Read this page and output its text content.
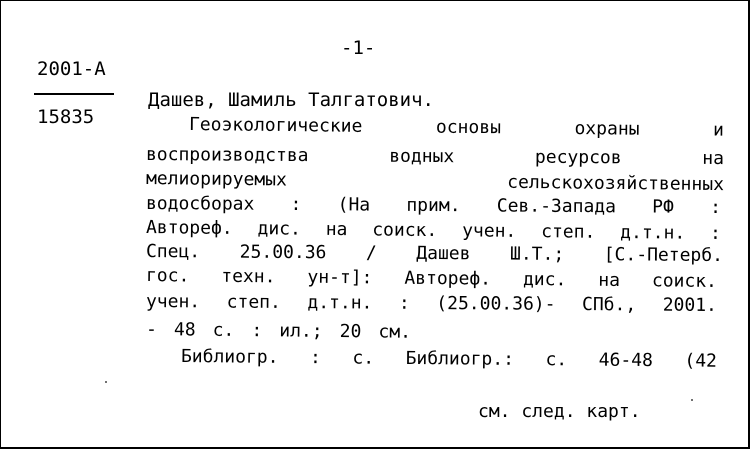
-1-
2001-A
15835
Дашев, Шамиль Талгатович.
Геоэкологические	основы	охраны	и
воспроизводства	водных	ресурсов	на
мелиорируемых	сельскохозяйственных
водосборах : (На прим. Сев.-Запада РФ :
Автореф. дис. на соиск. учен. степ. д.т.н. :
Спец. 25.00.36 / Дашев Ш.Т.; [С.-Петерб.
гос. техн. ун-т]: Автореф. дис. на соиск.
учен. степ. д.т.н. : (25.00.36)- СПб., 2001.
- 48 с. : ил.; 20 см.
Библиогр. : с. Библиогр.: с. 46-48 (42
см. след. карт.
